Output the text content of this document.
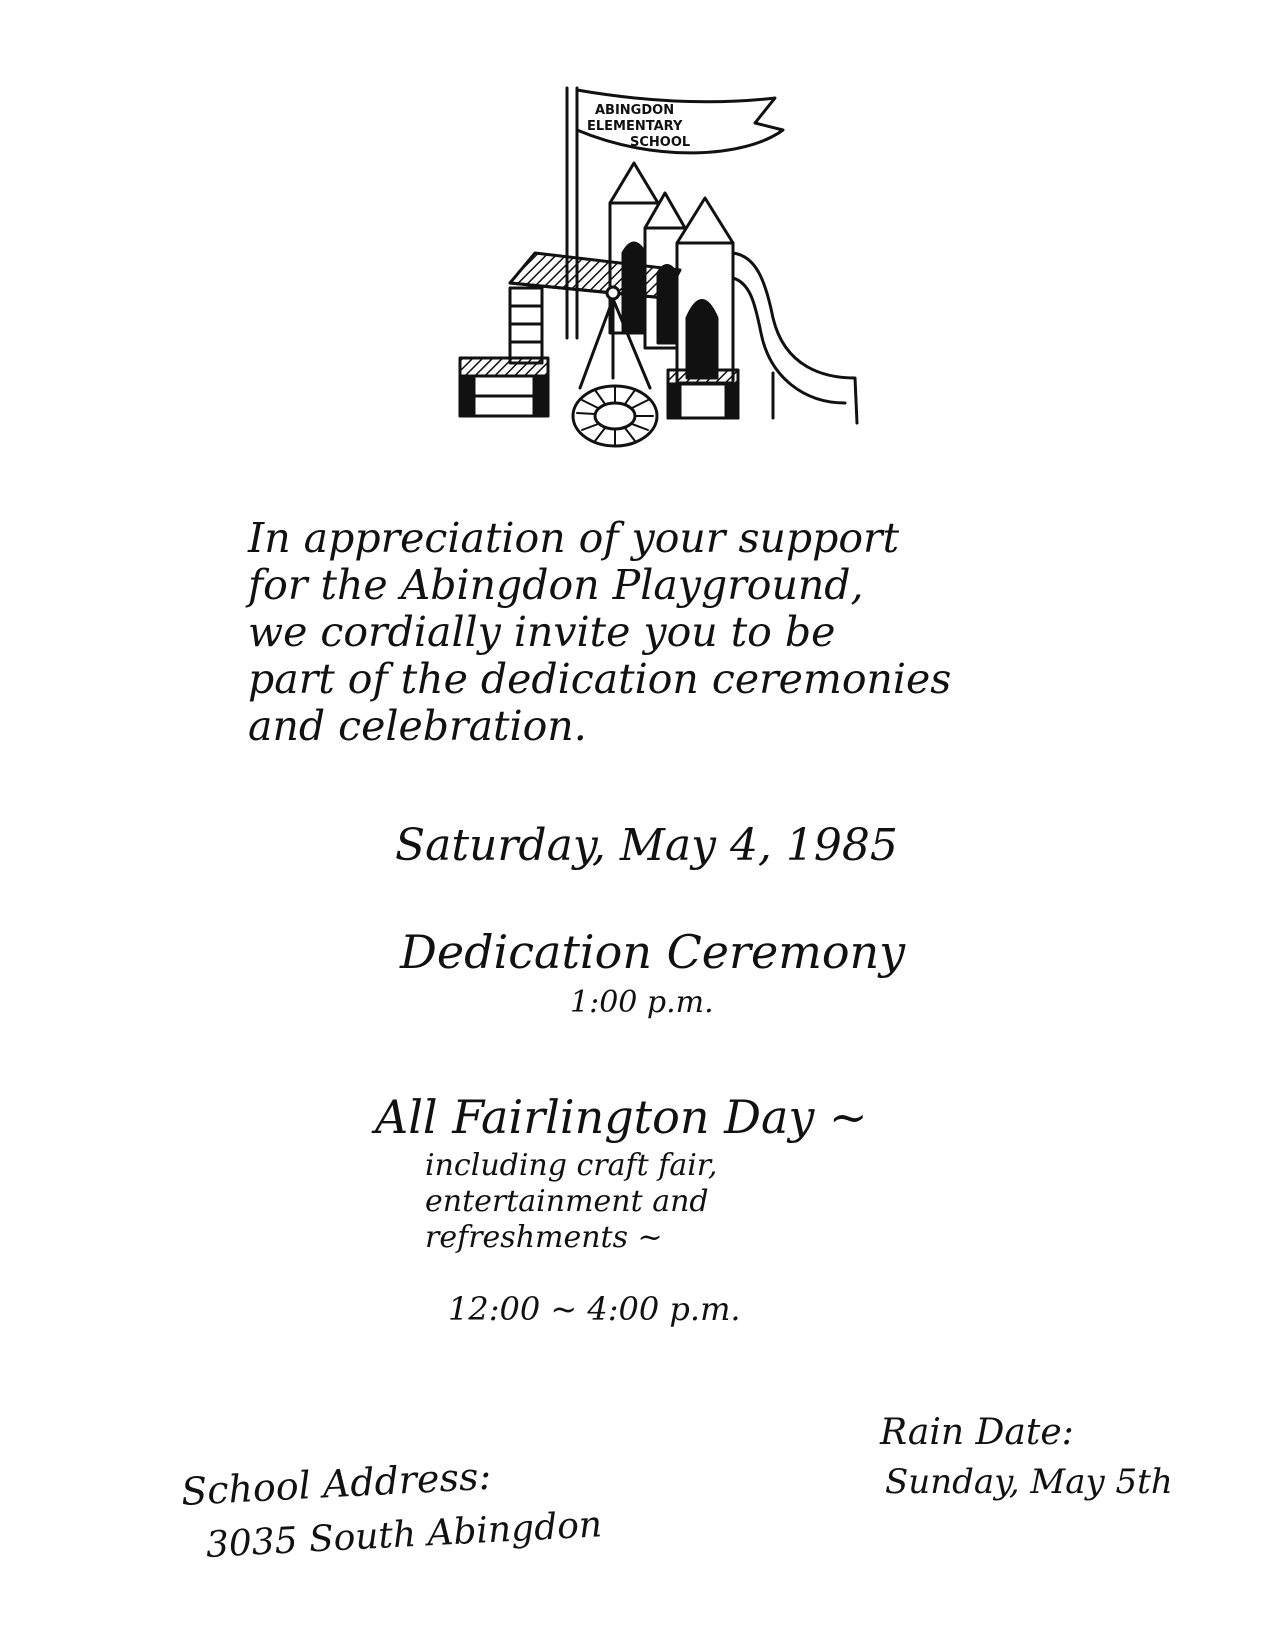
ABINGDON
ELEMENTARY
SCHOOL

In appreciation of your support
for the Abingdon Playground,
we cordially invite you to be
part of the dedication ceremonies
and celebration.

Saturday, May 4, 1985
Dedication Ceremony
1:00 p.m.
All Fairlington Day ~

including craft fair,
entertainment and
refreshments ~

12:00 ~ 4:00 p.m.
Rain Date:
Sunday, May 5th
School Address:
3035 South Abingdon
